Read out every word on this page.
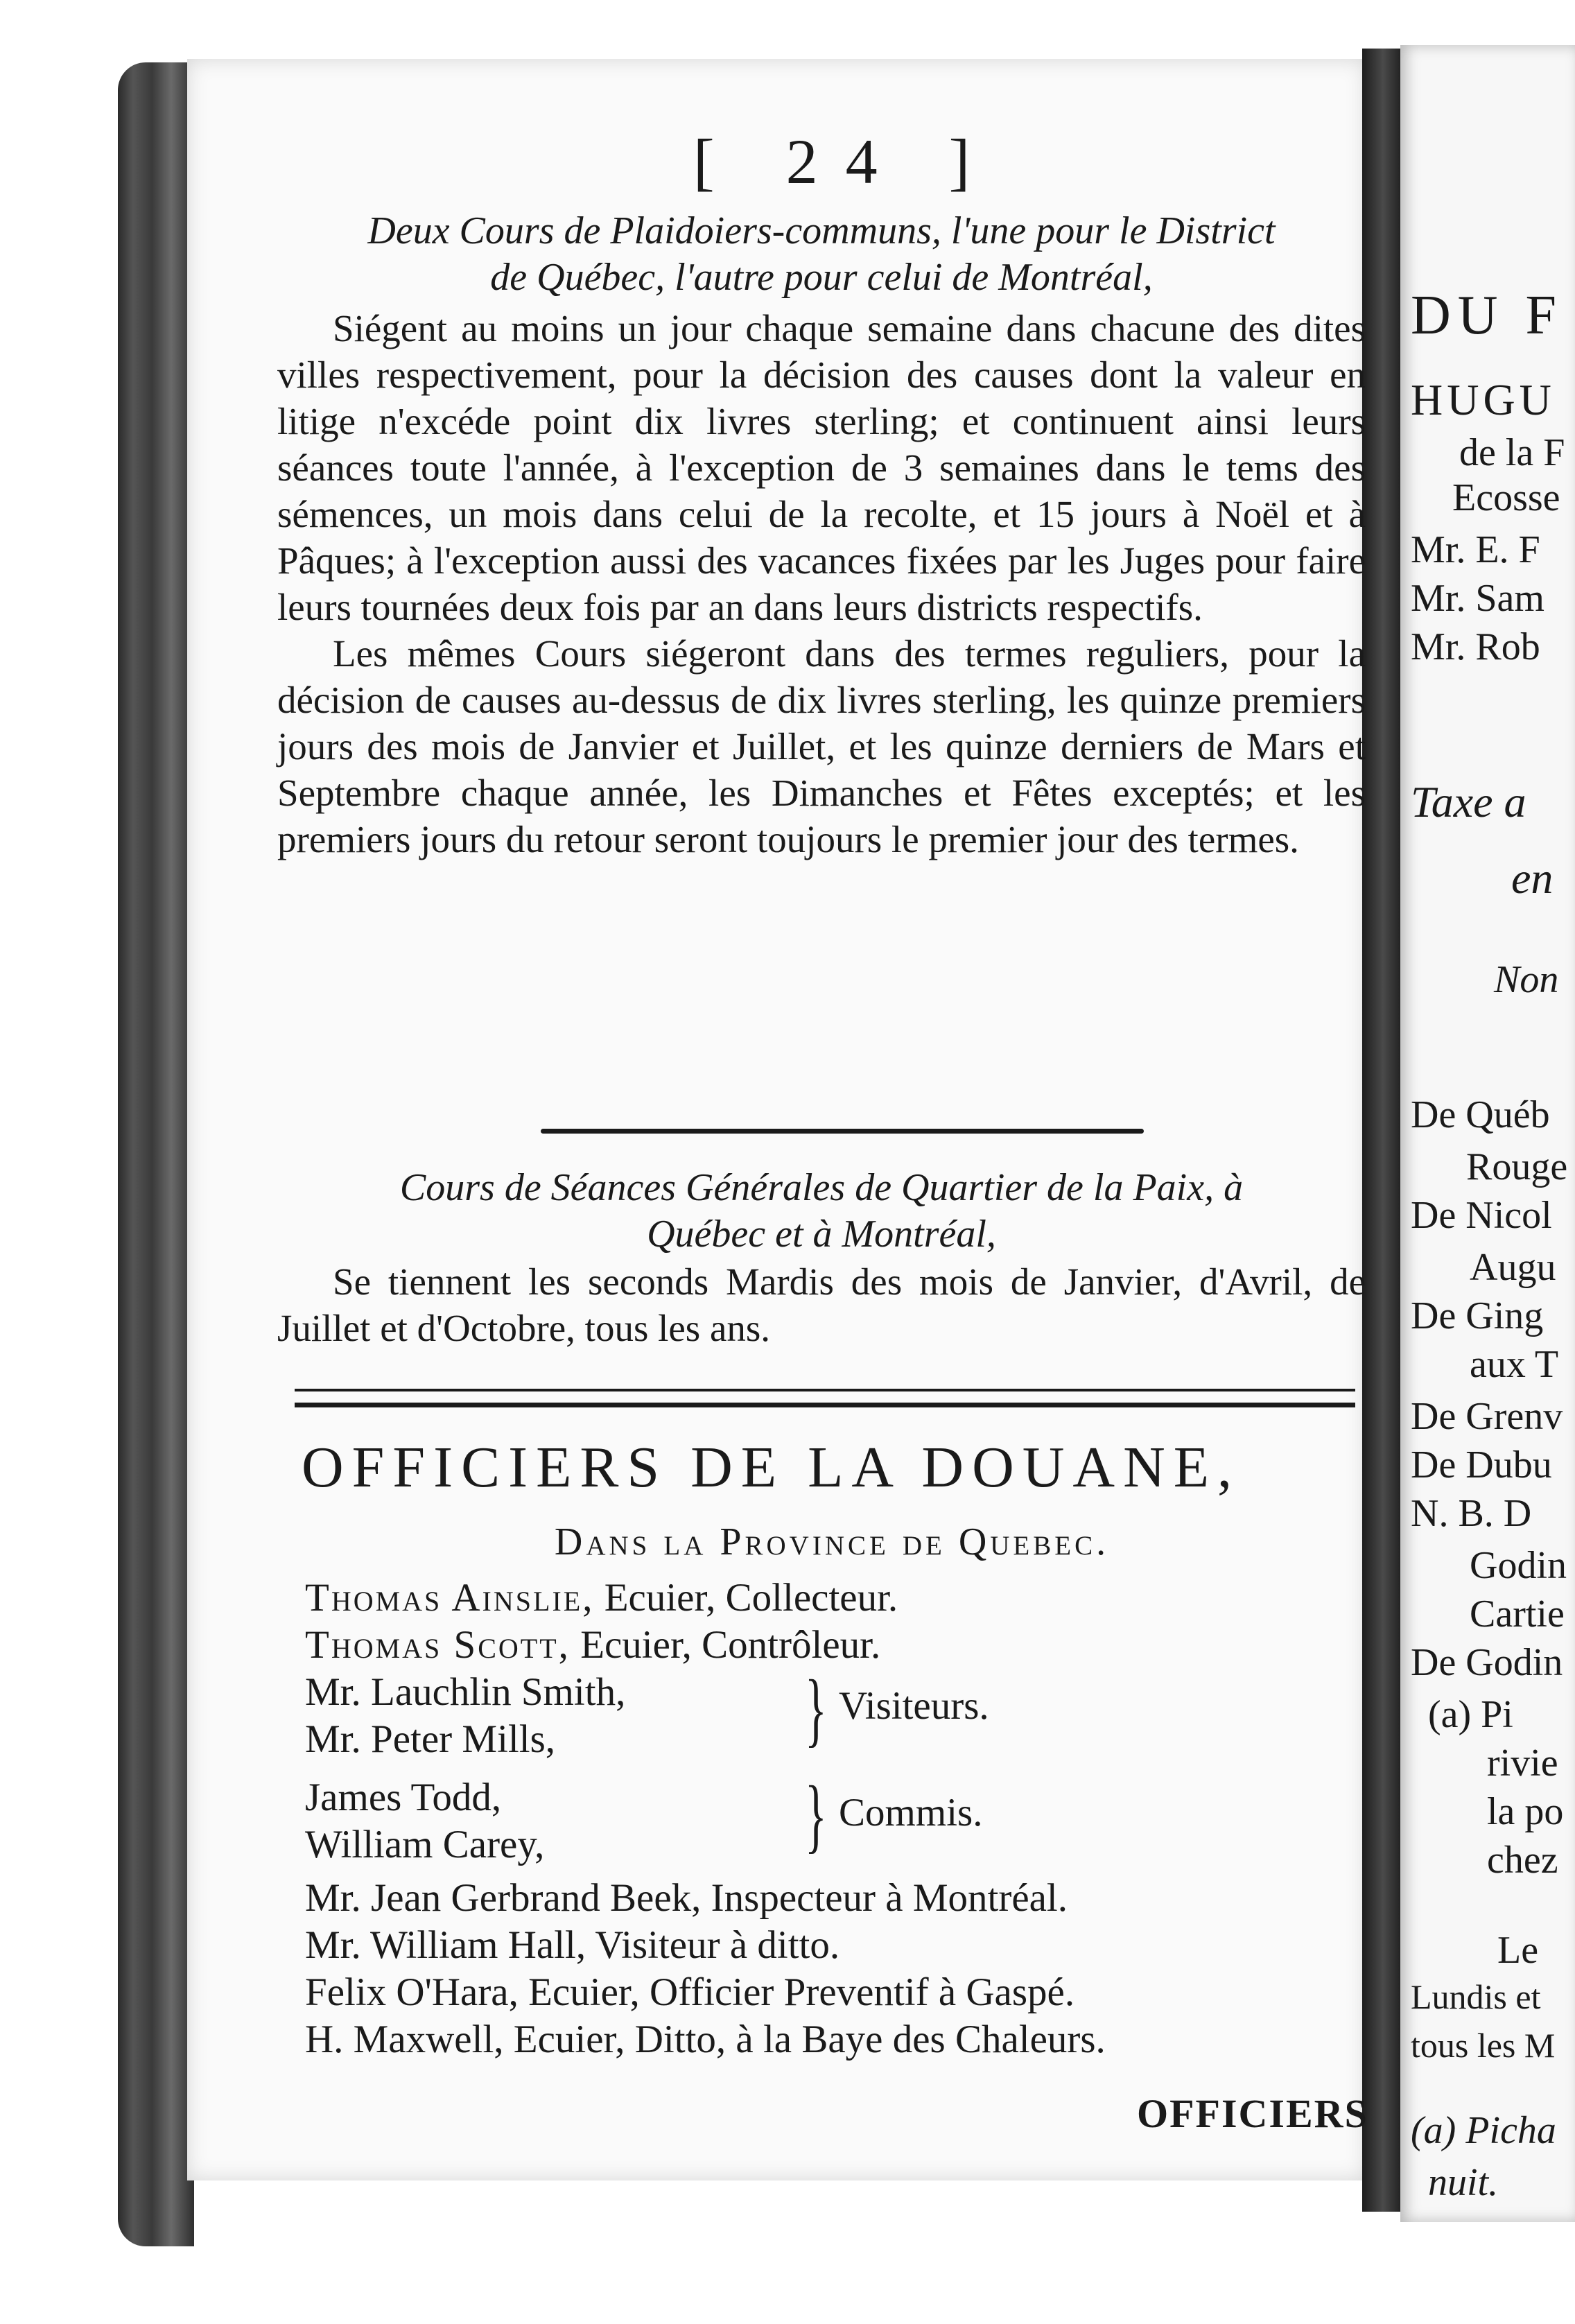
DU F
HUGU
de la F
Ecosse
Mr. E. F
Mr. Sam
Mr. Rob
Taxe a
en
Non
De Québ
Rouge
De Nicol
Augu
De Ging
aux T
De Grenv
De Dubu
N. B. D
Godin
Cartie
De Godin
(a) Pi
rivie
la po
chez
Le
Lundis et
tous les M
(a) Picha
nuit.
[ 24 ]
Deux Cours de Plaidoiers-communs, l'une pour le District
de Québec, l'autre pour celui de Montréal,

Siégent au moins un jour chaque semaine dans chacune des dites villes respectivement, pour la décision des causes dont la valeur en litige n'excéde point dix livres sterling; et continuent ainsi leurs séances toute l'année, à l'exception de 3 semaines dans le tems des sémences, un mois dans celui de la recolte, et 15 jours à Noël et à Pâques; à l'exception aussi des vacances fixées par les Juges pour faire leurs tournées deux fois par an dans leurs districts respectifs.

Les mêmes Cours siégeront dans des termes reguliers, pour la décision de causes au-dessus de dix livres sterling, les quinze premiers jours des mois de Janvier et Juillet, et les quinze derniers de Mars et Septembre chaque année, les Dimanches et Fêtes exceptés; et les premiers jours du retour seront toujours le premier jour des termes.

Cours de Séances Générales de Quartier de la Paix, à
Québec et à Montréal,

Se tiennent les seconds Mardis des mois de Janvier, d'Avril, de Juillet et d'Octobre, tous les ans.

OFFICIERS DE LA DOUANE,
Dans la Province de Quebec.
Thomas Ainslie, Ecuier, Collecteur.
Thomas Scott, Ecuier, Contrôleur.
Mr. Lauchlin Smith,
Mr. Peter Mills,	} Visiteurs.
James Todd,
William Carey,	} Commis.
Mr. Jean Gerbrand Beek, Inspecteur à Montréal.
Mr. William Hall, Visiteur à ditto.
Felix O'Hara, Ecuier, Officier Preventif à Gaspé.
H. Maxwell, Ecuier, Ditto, à la Baye des Chaleurs.
OFFICIERS
